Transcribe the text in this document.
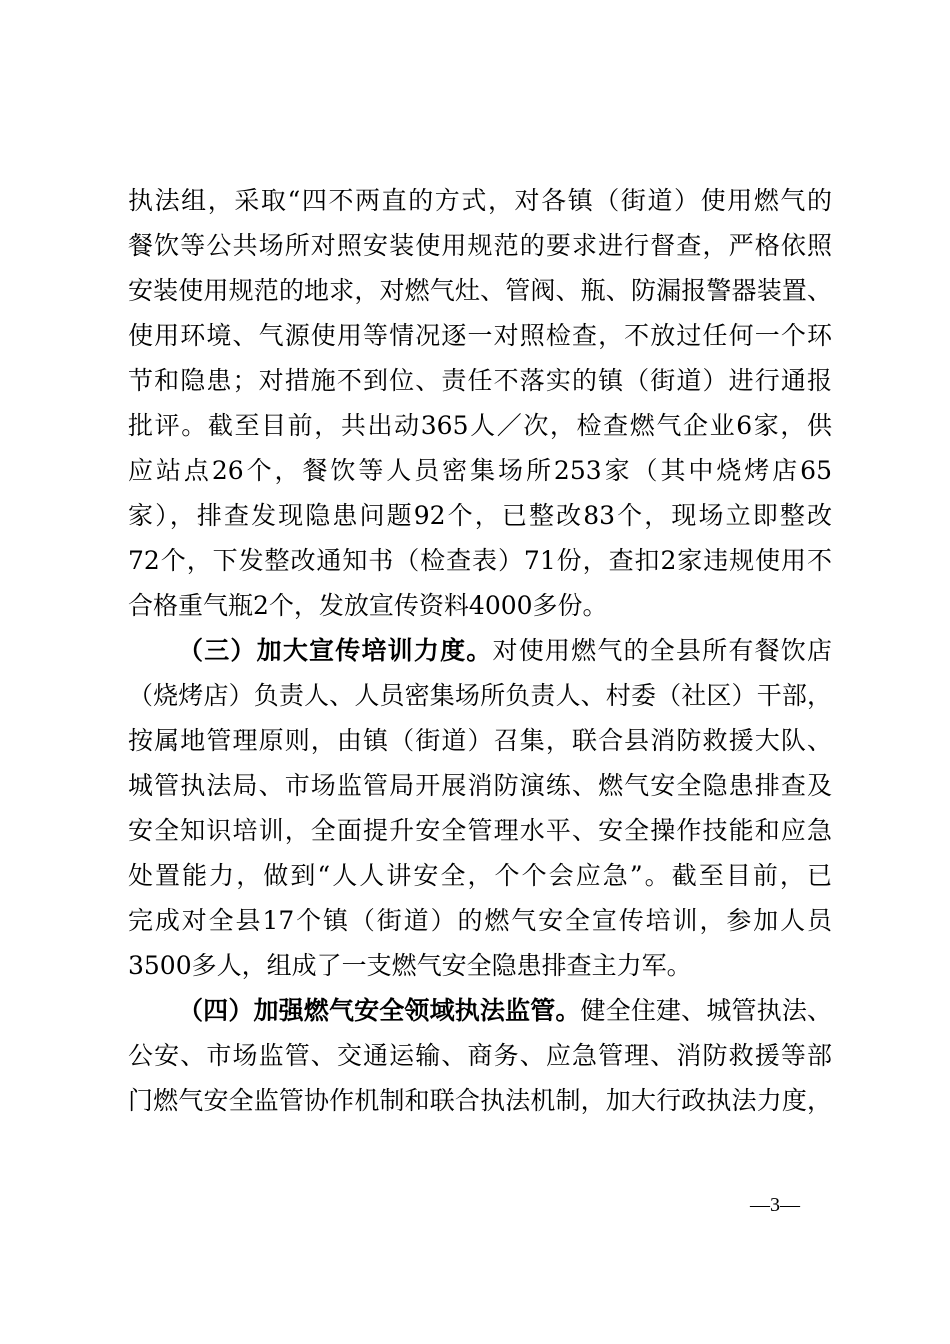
执法组，采取“四不两直的方式，对各镇（街道）使用燃气的
餐饮等公共场所对照安装使用规范的要求进行督查，严格依照
安装使用规范的地求，对燃气灶、管阀、瓶、防漏报警器装置、
使用环境、气源使用等情况逐一对照检查，不放过任何一个环
节和隐患；对措施不到位、责任不落实的镇（街道）进行通报
批评。截至目前，共出动365人／次，检查燃气企业6家，供
应站点26个，餐饮等人员密集场所253家（其中烧烤店65
家），排查发现隐患问题92个，已整改83个，现场立即整改
72个，下发整改通知书（检查表）71份，查扣2家违规使用不
合格重气瓶2个，发放宣传资料4000多份。
（三）加大宣传培训力度。对使用燃气的全县所有餐饮店
（烧烤店）负责人、人员密集场所负责人、村委（社区）干部，
按属地管理原则，由镇（街道）召集，联合县消防救援大队、
城管执法局、市场监管局开展消防演练、燃气安全隐患排查及
安全知识培训，全面提升安全管理水平、安全操作技能和应急
处置能力，做到“人人讲安全，个个会应急”。截至目前，已
完成对全县17个镇（街道）的燃气安全宣传培训，参加人员
3500多人，组成了一支燃气安全隐患排查主力军。
（四）加强燃气安全领域执法监管。健全住建、城管执法、
公安、市场监管、交通运输、商务、应急管理、消防救援等部
门燃气安全监管协作机制和联合执法机制，加大行政执法力度，
—3—
